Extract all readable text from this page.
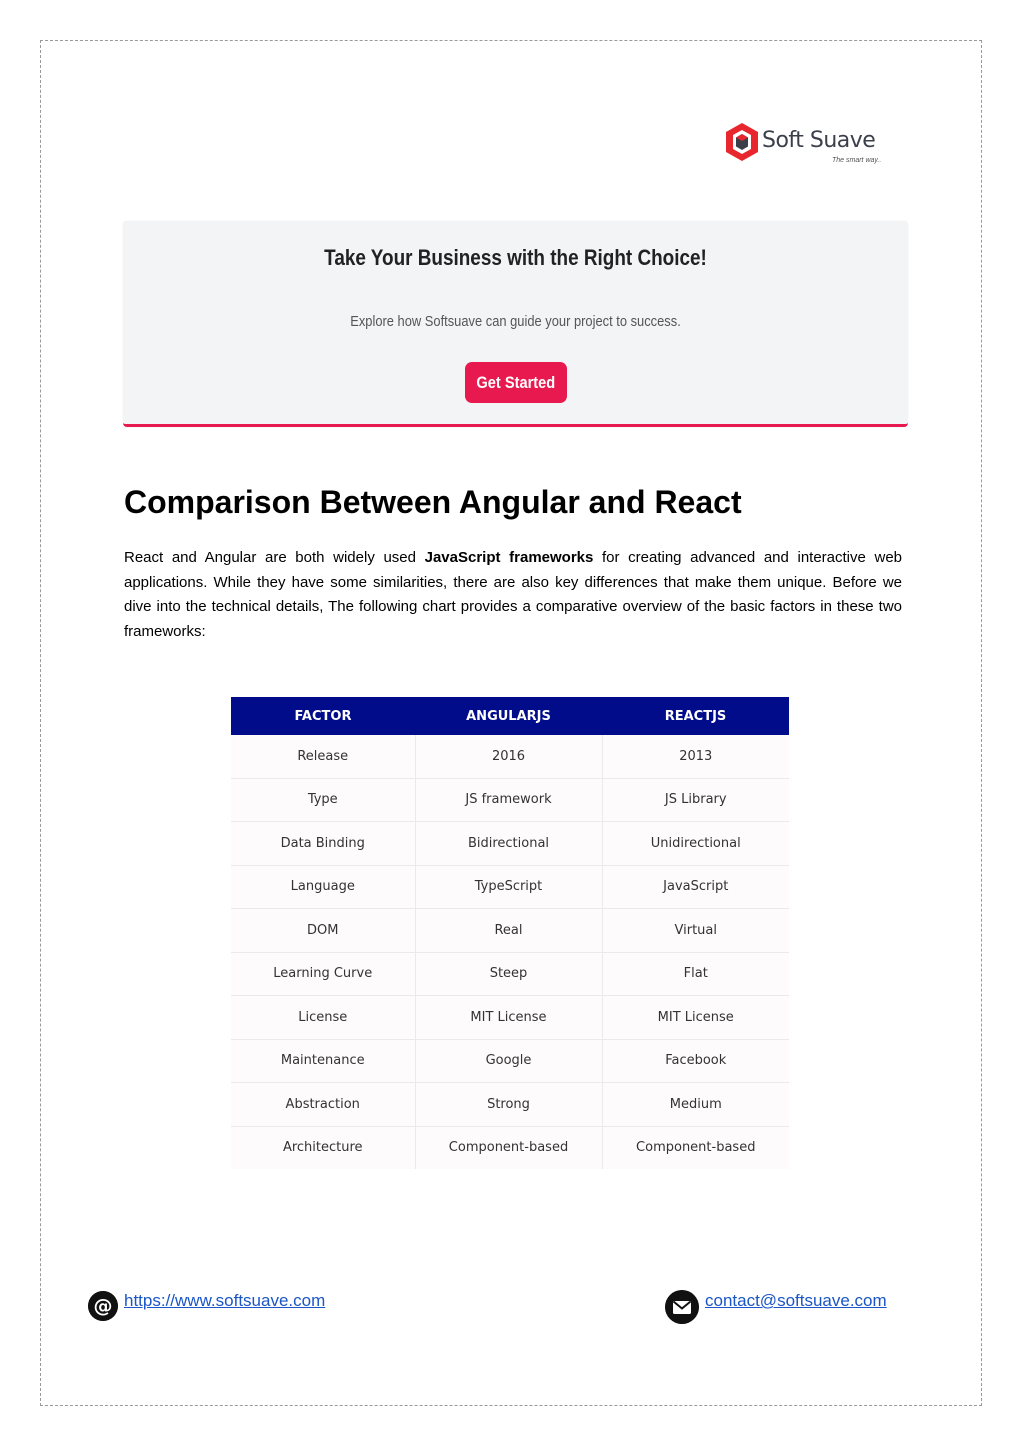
Soft Suave
The smart way..
Take Your Business with the Right Choice!
Explore how Softsuave can guide your project to success.
Get Started
Comparison Between Angular and React

React and Angular are both widely used JavaScript frameworks for creating advanced and interactive web applications. While they have some similarities, there are also key differences that make them unique. Before we dive into the technical details, The following chart provides a comparative overview of the basic factors in these two frameworks:

FACTOR	ANGULARJS	REACTJS
Release	2016	2013
Type	JS framework	JS Library
Data Binding	Bidirectional	Unidirectional
Language	TypeScript	JavaScript
DOM	Real	Virtual
Learning Curve	Steep	Flat
License	MIT License	MIT License
Maintenance	Google	Facebook
Abstraction	Strong	Medium
Architecture	Component-based	Component-based
@ https://www.softsuave.com	contact@softsuave.com
